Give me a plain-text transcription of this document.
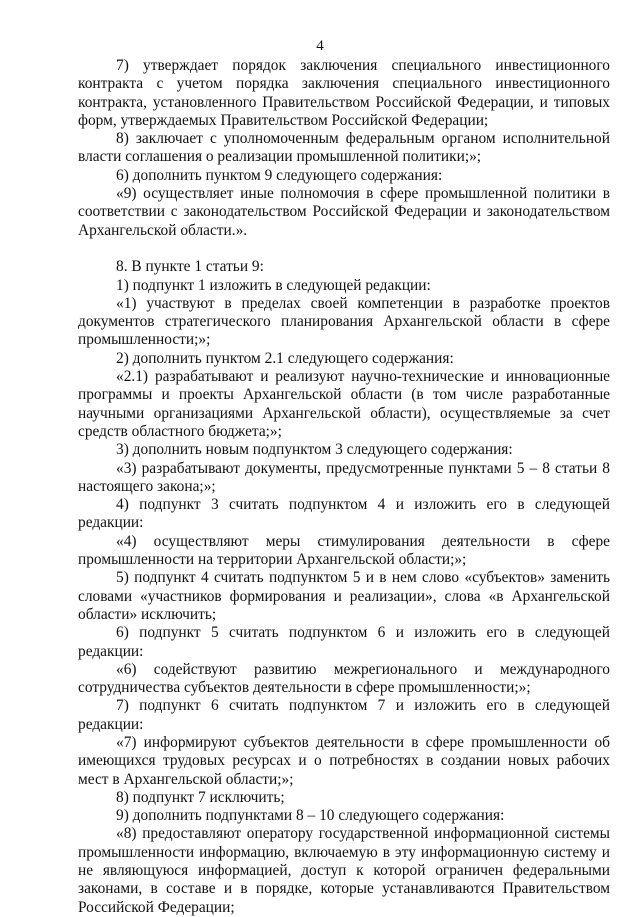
4

7) утверждает порядок заключения специального инвестиционного контракта с учетом порядка заключения специального инвестиционного контракта, установленного Правительством Российской Федерации, и типовых форм, утверждаемых Правительством Российской Федерации;

8) заключает с уполномоченным федеральным органом исполнительной власти соглашения о реализации промышленной политики;»;

6) дополнить пунктом 9 следующего содержания:

«9) осуществляет иные полномочия в сфере промышленной политики в соответствии с законодательством Российской Федерации и законодательством Архангельской области.».

8. В пункте 1 статьи 9:

1) подпункт 1 изложить в следующей редакции:

«1) участвуют в пределах своей компетенции в разработке проектов документов стратегического планирования Архангельской области в сфере промышленности;»;

2) дополнить пунктом 2.1 следующего содержания:

«2.1) разрабатывают и реализуют научно-технические и инновационные программы и проекты Архангельской области (в том числе разработанные научными организациями Архангельской области), осуществляемые за счет средств областного бюджета;»;

3) дополнить новым подпунктом 3 следующего содержания:

«3) разрабатывают документы, предусмотренные пунктами 5 – 8 статьи 8 настоящего закона;»;

4) подпункт 3 считать подпунктом 4 и изложить его в следующей редакции:

«4) осуществляют меры стимулирования деятельности в сфере промышленности на территории Архангельской области;»;

5) подпункт 4 считать подпунктом 5 и в нем слово «субъектов» заменить словами «участников формирования и реализации», слова «в Архангельской области» исключить;

6) подпункт 5 считать подпунктом 6 и изложить его в следующей редакции:

«6) содействуют развитию межрегионального и международного сотрудничества субъектов деятельности в сфере промышленности;»;

7) подпункт 6 считать подпунктом 7 и изложить его в следующей редакции:

«7) информируют субъектов деятельности в сфере промышленности об имеющихся трудовых ресурсах и о потребностях в создании новых рабочих мест в Архангельской области;»;

8) подпункт 7 исключить;

9) дополнить подпунктами 8 – 10 следующего содержания:

«8) предоставляют оператору государственной информационной системы промышленности информацию, включаемую в эту информационную систему и не являющуюся информацией, доступ к которой ограничен федеральными законами, в составе и в порядке, которые устанавливаются Правительством Российской Федерации;
